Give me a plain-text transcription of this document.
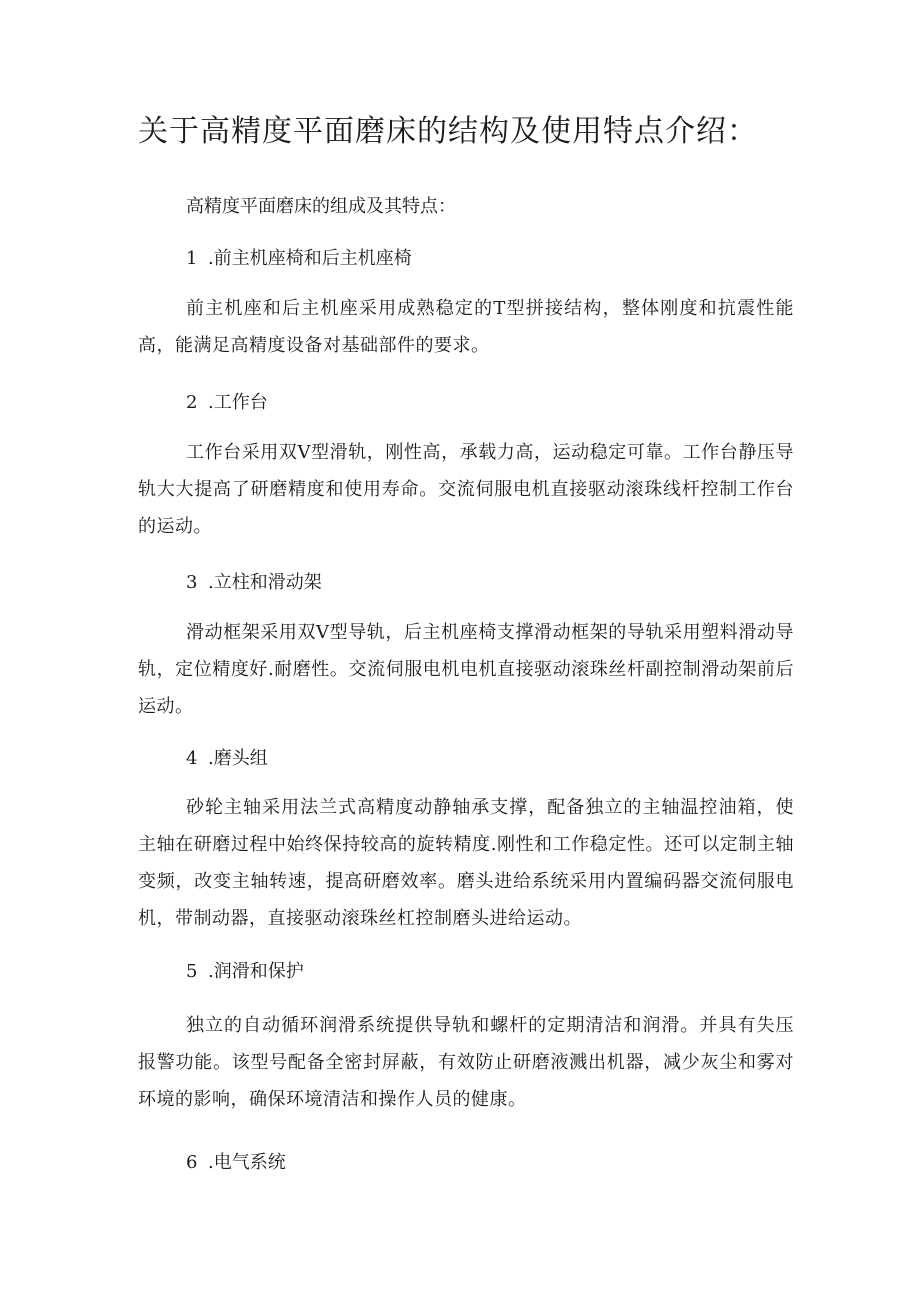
关于高精度平面磨床的结构及使用特点介绍：

高精度平面磨床的组成及其特点：

1 .前主机座椅和后主机座椅

前主机座和后主机座采用成熟稳定的T型拼接结构，整体刚度和抗震性能高，能满足高精度设备对基础部件的要求。

2 .工作台

工作台采用双V型滑轨，刚性高，承载力高，运动稳定可靠。工作台静压导轨大大提高了研磨精度和使用寿命。交流伺服电机直接驱动滚珠线杆控制工作台的运动。

3 .立柱和滑动架

滑动框架采用双V型导轨，后主机座椅支撑滑动框架的导轨采用塑料滑动导轨，定位精度好.耐磨性。交流伺服电机电机直接驱动滚珠丝杆副控制滑动架前后运动。

4 .磨头组

砂轮主轴采用法兰式高精度动静轴承支撑，配备独立的主轴温控油箱，使主轴在研磨过程中始终保持较高的旋转精度.刚性和工作稳定性。还可以定制主轴变频，改变主轴转速，提高研磨效率。磨头进给系统采用内置编码器交流伺服电机，带制动器，直接驱动滚珠丝杠控制磨头进给运动。

5 .润滑和保护

独立的自动循环润滑系统提供导轨和螺杆的定期清洁和润滑。并具有失压报警功能。该型号配备全密封屏蔽，有效防止研磨液溅出机器，减少灰尘和雾对环境的影响，确保环境清洁和操作人员的健康。

6 .电气系统
